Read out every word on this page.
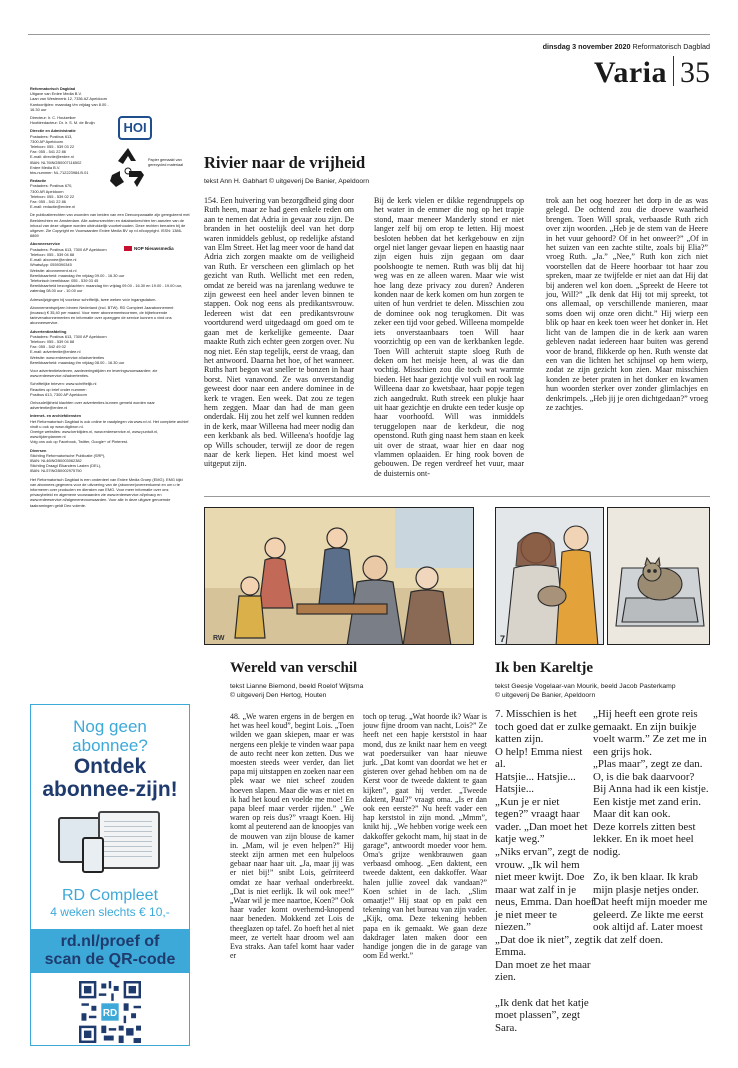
dinsdag 3 november 2020 Reformatorisch Dagblad
Varia 35
Reformatorisch Dagblad
Uitgave van Erdee Media B.V.
Laan van Westenenk 12, 7336 AZ Apeldoorn
Kantoortijden: maandag t/m vrijdag van 8.00 - 16.30 uur
Directeur: Ir. C. Houtzeiker
Hoofdredacteur: Dr. ir. S. M. de Bruijn
Directie en Administratie
Postadres: Postbus 613,
7300 AP Apeldoorn
Telefoon: 055 - 539 03 22
Fax: 055 - 541 22 86
E-mail: directie@erdee.nl
IBAN: NL76INGB0007116502
Erdee Media B.V.
btw-nummer: NL.712223984.B.01
Redactie
Postadres: Postbus 670,
7300 AR Apeldoorn
Telefoon: 055 - 539 02 22
Fax: 055 - 541 22 86
E-mail: redactie@erdee.nl
De publicatierechten van woorden van beiden van een Deeconpanaatie zijn gereguleerd met Beeldrechten en Amsterdam. Alle auteursrechten en databankrechten ten aanzien van de inhoud van deze uitgave worden uitdrukkelijk voorbehouden. Deze rechten berusten bij de uitgever. Zie Copyright en Voorwaarden Erdee Media BV op rd.nl/copyright. ISSN: 1386-6869
Abonneeservice
Postadres: Postbus 613, 7300 AP Apeldoorn
Telefoon: 055 - 539 04 88
E-mail: abonnee@erdee.nl
WhatsApp: 0559390345
Website: abonnement.rd.nl
Bereikbaarheid: maandag t/m vrijdag 09.00 - 16.30 uur
Telefonisch bereikbaar: 055 - 539 03 45
Bereikbaarheid bezorgklachten: maandag t/m vrijdag 09.00 - 16.30 en 19.00 - 19.00 uur, zaterdag 08.00 uur - 10.00 uur
Adreswijzigingen bij voorkeur schriftelijk, twee weken vóór ingangsdatum.
Abonnementsprijzen binnen Nederland (incl. BTW). RD Compleet Jaarabonnement (incasso) € 35,40 per maand. Voor meer abonnementsvormen, de bijbehorende tarievenabonnementen en informatie over opzeggen de service kunnen u vind ons abonneeservice.
Advertentieafdeling
Postadres: Postbus 613, 7300 AP Apeldoorn
Telefoon: 055 - 539 04 88
Fax: 055 - 542 49 02
E-mail: advertentie@erdee.nl
Website: www.erdeeservice.nl/advertenties
Bereikbaarheid: maandag t/m vrijdag 08.00 - 16.30 uur
Voor advertentietarieven, aanleveringstijden en leveringsvoorwaarden: zie www.erdeeservice.nl/advertenties.
Schriftelijke brieven: www.schriftelijk.nl
Reacties op brief onder nummer:
Postbus 613, 7300 AP Apeldoorn
Onhoudelijkheid klachten over advertenties kunnen gemeld worden naar advertentie@erdee.nl
Internet- en archiefdiensten
Het Reformatorisch Dagblad is ook online te raadplegen via www.rd.nl. Het complete archief vindt u ook op www.digibron.nl.
Overige websites: www.kerktijden.nl, www.erdeeservice.nl, www.puntuit.nl, www.tijdenplanner.nl
Volg ons ook op Facebook, Twitter, Google+ of Pinterest.
Diversen
Stichting Reformatorische Publicatie (SRP),
IBAN: NL46INGB0003062382
Stichting Draagt Elkanders Lasten (DEL),
IBAN: NL57INGB0002975750
Het Reformatorisch Dagblad is een onderdeel van Erdee Media Groep (EMG). EMG kijkt van abonnees gegevens voor de uitvoering van de (abonnee)overeenkomst en om u te informeren over producten en diensten van EMG. Voor meer informatie over ons privacybeleid en algemene voorwaarden zie www.erdeeservice.nl/privacy en www.erdeeservice.nl/algemenevoorwaarden. Voor alle in deze uitgave genoemde taakramingen geldt Deo volente.
HOI
Papier gemaakt van gerecycled materiaal
NOP Nieuwsmedia
Nog geen
abonnee?
Ontdek
abonnee-zijn!
RD Compleet
4 weken slechts € 10,-
rd.nl/proef of
scan de QR-code
RD
Rivier naar de vrijheid
tekst Ann H. Gabhart © uitgeverij De Banier, Apeldoorn
154. Een huivering van bezorgdheid ging door Ruth heen, maar ze had geen enkele reden om aan te nemen dat Adria in gevaar zou zijn. De branden in het oostelijk deel van het dorp waren inmiddels geblust, op redelijke afstand van Elm Street. Het lag meer voor de hand dat Adria zich zorgen maakte om de veiligheid van Ruth. Er verscheen een glimlach op het gezicht van Ruth. Wellicht met een reden, omdat ze bereid was na jarenlang weduwe te zijn geweest een heel ander leven binnen te stappen. Ook nog eens als predikantsvrouw. Iedereen wist dat een predikantsvrouw voortdurend werd uitgedaagd om goed om te gaan met de kerkelijke gemeente. Daar maakte Ruth zich echter geen zorgen over. Nu nog niet. Eén stap tegelijk, eerst de vraag, dan het antwoord. Daarna het hoe, of het wanneer. Ruths hart begon wat sneller te bonzen in haar borst. Niet vanavond. Ze was onverstandig geweest door naar een andere dominee in de kerk te vragen. Een week. Dat zou ze tegen hem zeggen. Maar dan had de man geen onderdak. Hij zou het zelf wel kunnen redden in de kerk, maar Willeena had meer nodig dan een kerkbank als bed. Willeena's hoofdje lag op Wills schouder, terwijl ze door de regen naar de kerk liepen. Het kind moest wel uitgeput zijn.
Bij de kerk vielen er dikke regendruppels op het water in de emmer die nog op het trapje stond, maar meneer Manderly stond er niet langer zelf bij om erop te letten. Hij moest besloten hebben dat het kerkgebouw en zijn orgel niet langer gevaar liepen en haastig naar zijn eigen huis zijn gegaan om daar poolshoogte te nemen. Ruth was blij dat hij weg was en ze alleen waren. Maar wie wist hoe lang deze privacy zou duren? Anderen konden naar de kerk komen om hun zorgen te uiten of hun verdriet te delen. Misschien zou de dominee ook nog terugkomen. Dit was zeker een tijd voor gebed. Willeena mompelde iets onverstaanbaars toen Will haar voorzichtig op een van de kerkbanken legde. Toen Will achteruit stapte sloeg Ruth de deken om het meisje heen, al was die dan vochtig. Misschien zou die toch wat warmte bieden. Het haar gezichtje vol vuil en rook lag Willeena daar zo kwetsbaar, haar popje tegen zich aangedrukt. Ruth streek een plukje haar uit haar gezichtje en drukte een teder kusje op haar voorhoofd. Will was inmiddels teruggelopen naar de kerkdeur, die nog openstond. Ruth ging naast hem staan en keek uit over de straat, waar hier en daar nog vlammen oplaaiden. Er hing rook boven de gebouwen. De regen verdreef het vuur, maar de duisternis ont-
trok aan het oog hoezeer het dorp in de as was gelegd. De ochtend zou die droeve waarheid brengen. Toen Will sprak, verbaasde Ruth zich over zijn woorden. „Heb je de stem van de Heere in het vuur gehoord? Of in het onweer?” „Of in het suizen van een zachte stilte, zoals bij Elia?” vroeg Ruth. „Ja.” „Nee,” Ruth kon zich niet voorstellen dat de Heere hoorbaar tot haar zou spreken, maar ze twijfelde er niet aan dat Hij dat bij anderen wel kon doen. „Spreekt de Heere tot jou, Will?” „Ik denk dat Hij tot mij spreekt, tot ons allemaal, op verschillende manieren, maar soms doen wij onze oren dicht.” Hij wierp een blik op haar en keek toen weer het donker in. Het licht van de lampen die in de kerk aan waren gebleven nadat iedereen haar buiten was gerend voor de brand, flikkerde op hen. Ruth wenste dat een van die lichten het schijnsel op hem wierp, zodat ze zijn gezicht kon zien. Maar misschien konden ze beter praten in het donker en kwamen hun woorden sterker over zonder glimlachjes en denkrimpels. „Heb jij je oren dichtgedaan?” vroeg ze zachtjes.
RW	7
Wereld van verschil
tekst Lianne Biemond, beeld Roelof Wijtsma
© uitgeverij Den Hertog, Houten
48. „We waren ergens in de bergen en het was heel koud”, begint Lois. „Toen wilden we gaan skiepen, maar er was nergens een plekje te vinden waar papa de auto recht neer kon zetten. Dus we moesten steeds weer verder, dan liet papa mij uitstappen en zoeken naar een plek waar we niet scheef zouden hoeven slapen. Maar die was er niet en ik had het koud en voelde me moe! En papa bleef maar verder rijden.” „We waren op reis dus?” vraagt Koen. Hij komt al peuterend aan de knoopjes van de mouwen van zijn blouse de kamer in. „Mam, wil je even helpen?” Hij steekt zijn armen met een hulpeloos gebaar naar haar uit. „Ja, maar jij was er niet bij!” snibt Lois, geïrriteerd omdat ze haar verhaal onderbreekt. „Dat is niet eerlijk. Ik wil ook mee!” „Waar wil je mee naartoe, Koen?” Ook haar vader komt overhemd-knopend naar beneden. Mokkend zet Lois de theeglazen op tafel. Zo hoeft het al niet meer, ze vertelt haar droom wel aan Eva straks. Aan tafel komt haar vader er
toch op terug. „Wat hoorde ik? Waar is jouw fijne droom van nacht, Lois?” Ze heeft net een hapje kerststol in haar mond, dus ze knikt naar hem en veegt wat poedersuiker van haar nieuwe jurk. „Dat komt van doordat we het er gisteren over gehad hebben om na de Kerst voor de tweede daktent te gaan kijken”, gaat hij verder. „Tweede daktent, Paul?” vraagt oma. „Is er dan ook een eerste?” Nu heeft vader een hap kerststol in zijn mond. „Mmm”, knikt hij. „We hebben vorige week een dakkoffer gekocht mam, hij staat in de garage”, antwoordt moeder voor hem. Oma's grijze wenkbrauwen gaan verbaasd omhoog. „Een daktent, een tweede daktent, een dakkoffer. Waar halen jullie zoveel dak vandaan?” Koen schiet in de lach. „Slim omaatje!” Hij staat op en pakt een tekening van het bureau van zijn vader. „Kijk, oma. Deze tekening hebben papa en ik gemaakt. We gaan deze dakdrager laten maken door een handige jongen die in de garage van oom Ed werkt.”
Ik ben Kareltje
tekst Geesje Vogelaar-van Mourik, beeld Jacob Pasterkamp
© uitgeverij De Banier, Apeldoorn

7. Misschien is het toch goed dat er zulke katten zijn.

O help! Emma niest al.

Hatsjie... Hatsjie... Hatsjie...

„Kun je er niet tegen?” vraagt haar vader. „Dan moet het katje weg.”

„Niks ervan”, zegt de vrouw. „Ik wil hem niet meer kwijt. Doe maar wat zalf in je neus, Emma. Dan hoef je niet meer te niezen.”

„Dat doe ik niet”, zegt Emma.

Dan moet ze het maar zien.

„Ik denk dat het katje moet plassen”, zegt Sara.

„Hij heeft een grote reis gemaakt. En zijn buikje voelt warm.” Ze zet me in een grijs hok.

„Plas maar”, zegt ze dan.

O, is die bak daarvoor?

Bij Anna had ik een kistje. Een kistje met zand erin. Maar dit kan ook.

Deze korrels zitten best lekker. En ik moet heel nodig.

Zo, ik ben klaar. Ik krab mijn plasje netjes onder. Dat heeft mijn moeder me geleerd. Ze likte me eerst ook altijd af. Later moest ik dat zelf doen.
